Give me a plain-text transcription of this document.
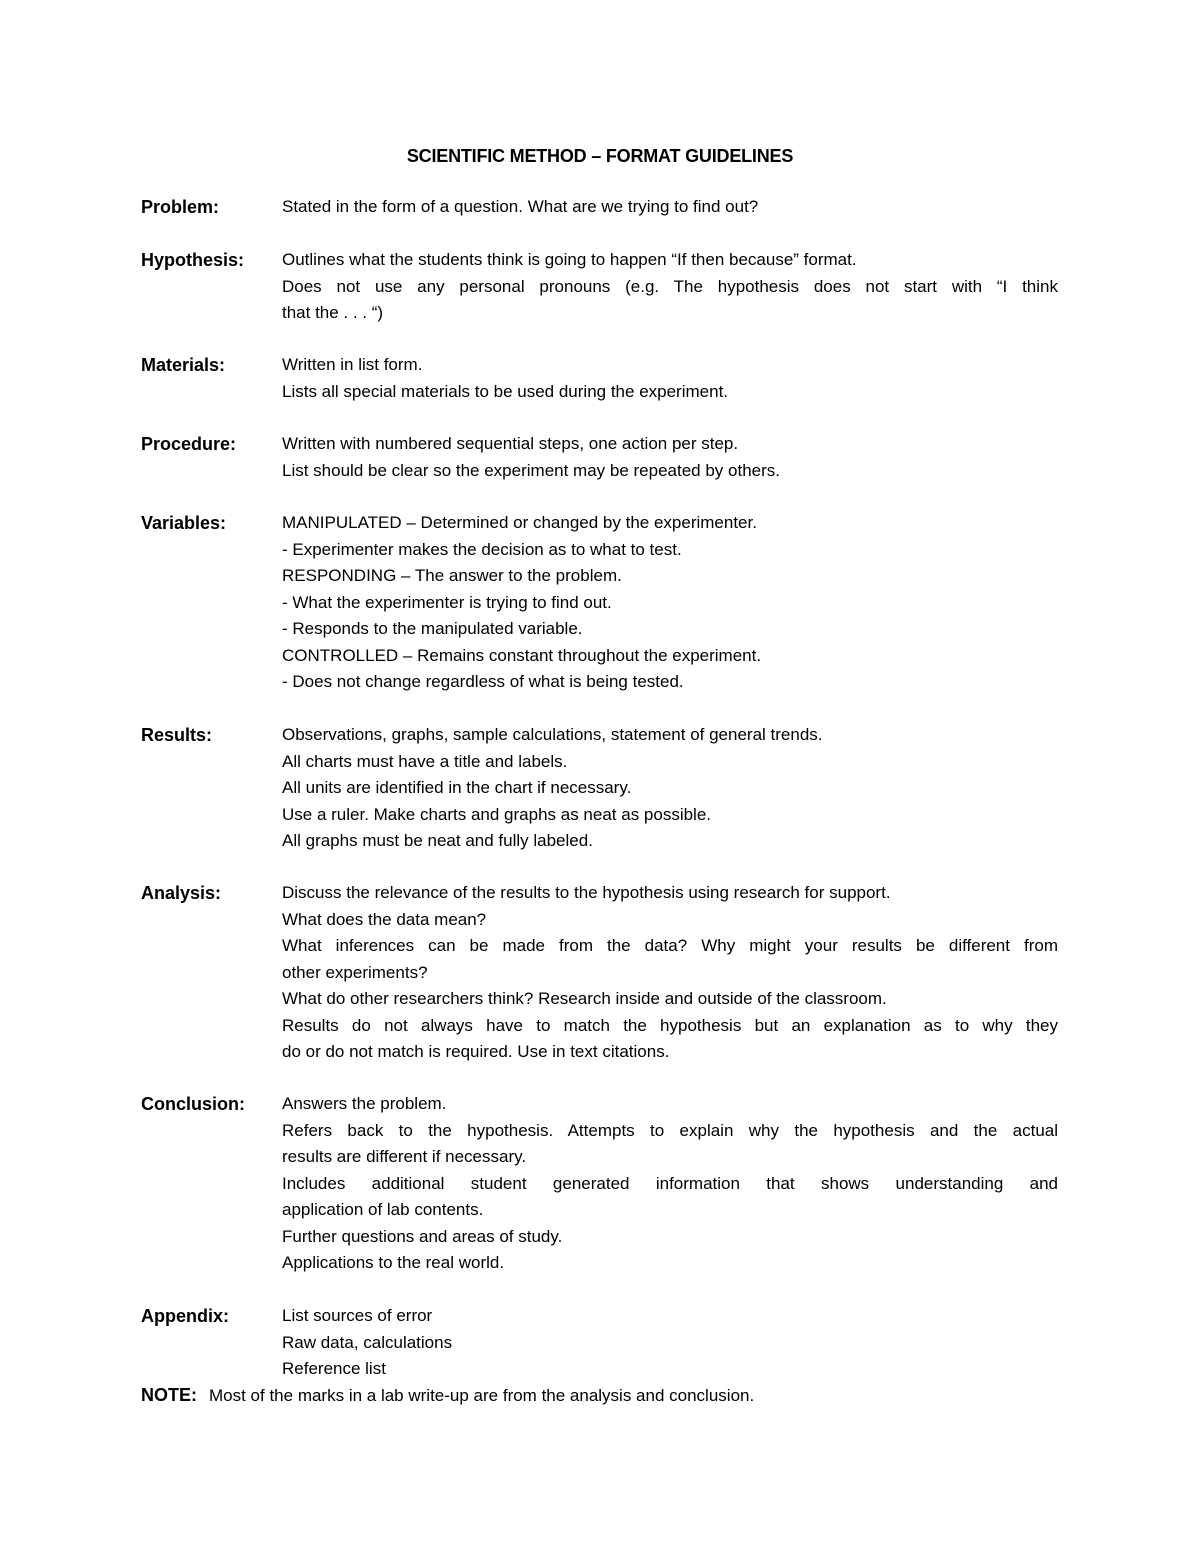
SCIENTIFIC METHOD – FORMAT GUIDELINES
Problem:	Stated in the form of a question. What are we trying to find out?
Hypothesis:	Outlines what the students think is going to happen “If then because” format.
Does not use any personal pronouns (e.g. The hypothesis does not start with “I think
that the . . . “)
Materials:	Written in list form.
Lists all special materials to be used during the experiment.
Procedure:	Written with numbered sequential steps, one action per step.
List should be clear so the experiment may be repeated by others.
Variables:	MANIPULATED – Determined or changed by the experimenter.
- Experimenter makes the decision as to what to test.
RESPONDING – The answer to the problem.
- What the experimenter is trying to find out.
- Responds to the manipulated variable.
CONTROLLED – Remains constant throughout the experiment.
- Does not change regardless of what is being tested.
Results:	Observations, graphs, sample calculations, statement of general trends.
All charts must have a title and labels.
All units are identified in the chart if necessary.
Use a ruler. Make charts and graphs as neat as possible.
All graphs must be neat and fully labeled.
Analysis:	Discuss the relevance of the results to the hypothesis using research for support.
What does the data mean?
What inferences can be made from the data? Why might your results be different from
other experiments?
What do other researchers think? Research inside and outside of the classroom.
Results do not always have to match the hypothesis but an explanation as to why they
do or do not match is required. Use in text citations.
Conclusion:	Answers the problem.
Refers back to the hypothesis. Attempts to explain why the hypothesis and the actual
results are different if necessary.
Includes additional student generated information that shows understanding and
application of lab contents.
Further questions and areas of study.
Applications to the real world.
Appendix:	List sources of error
Raw data, calculations
Reference list
NOTE: Most of the marks in a lab write-up are from the analysis and conclusion.
